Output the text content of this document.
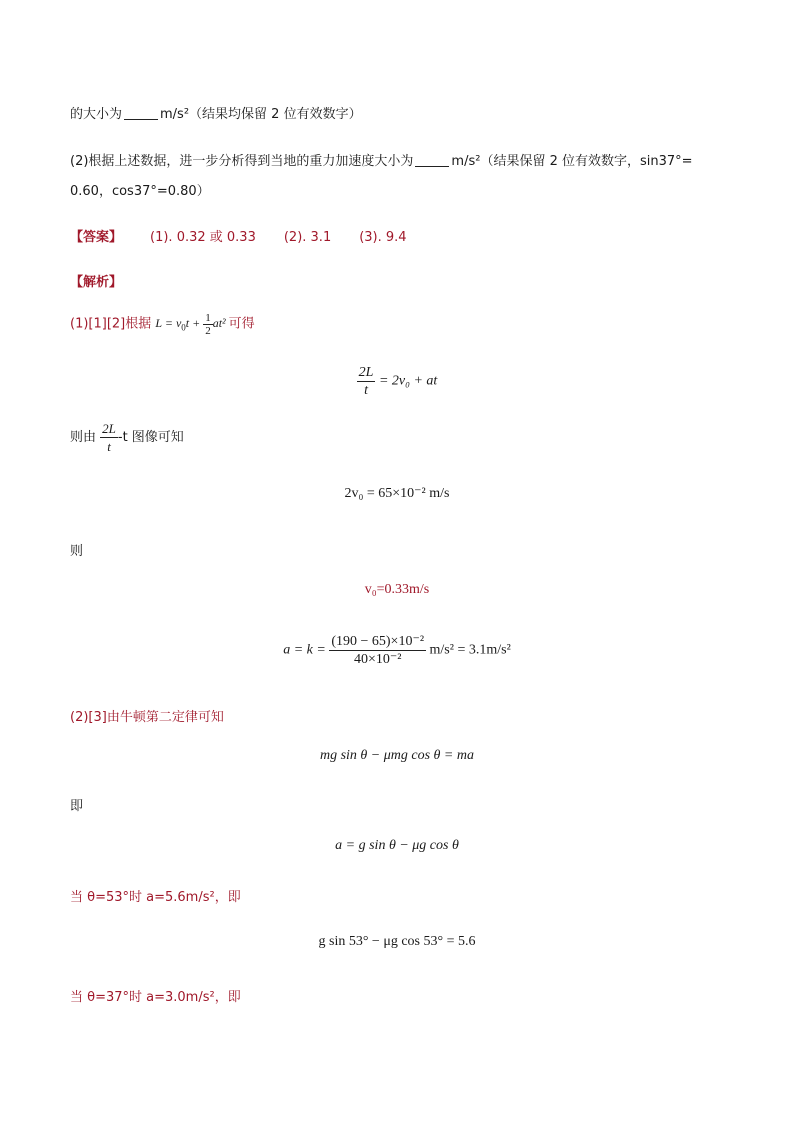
的大小为	m/s²（结果均保留 2 位有效数字）
(2)根据上述数据，进一步分析得到当地的重力加速度大小为	m/s²（结果保留 2 位有效数字，sin37°=
0.60，cos37°=0.80）
【答案】 (1). 0.32 或 0.33 (2). 3.1 (3). 9.4
【解析】
(1)[1][2]根据 $L = v_0t + \frac{1}{2} at^2$ 可得
$\frac{2L}{t} = 2v_0$ + at
则由 $\frac{2L}{t} -t$ 图像可知
2v₀ = 65×10⁻² m/s
则
v₀=0.33m/s
$a = k = \frac{\text{(190 − 65)×10⁻²}}{\text{40×10⁻²}} m/s^2 = 3.1m/s^2$
(2)[3]由牛顿第二定律可知
mg sin θ − μmg cos θ = ma
即
a = g sin θ − μg cos θ
当 θ=53°时 a=5.6m/s²，即
g sin 53° − μg cos 53° = 5.6
当 θ=37°时 a=3.0m/s²，即
